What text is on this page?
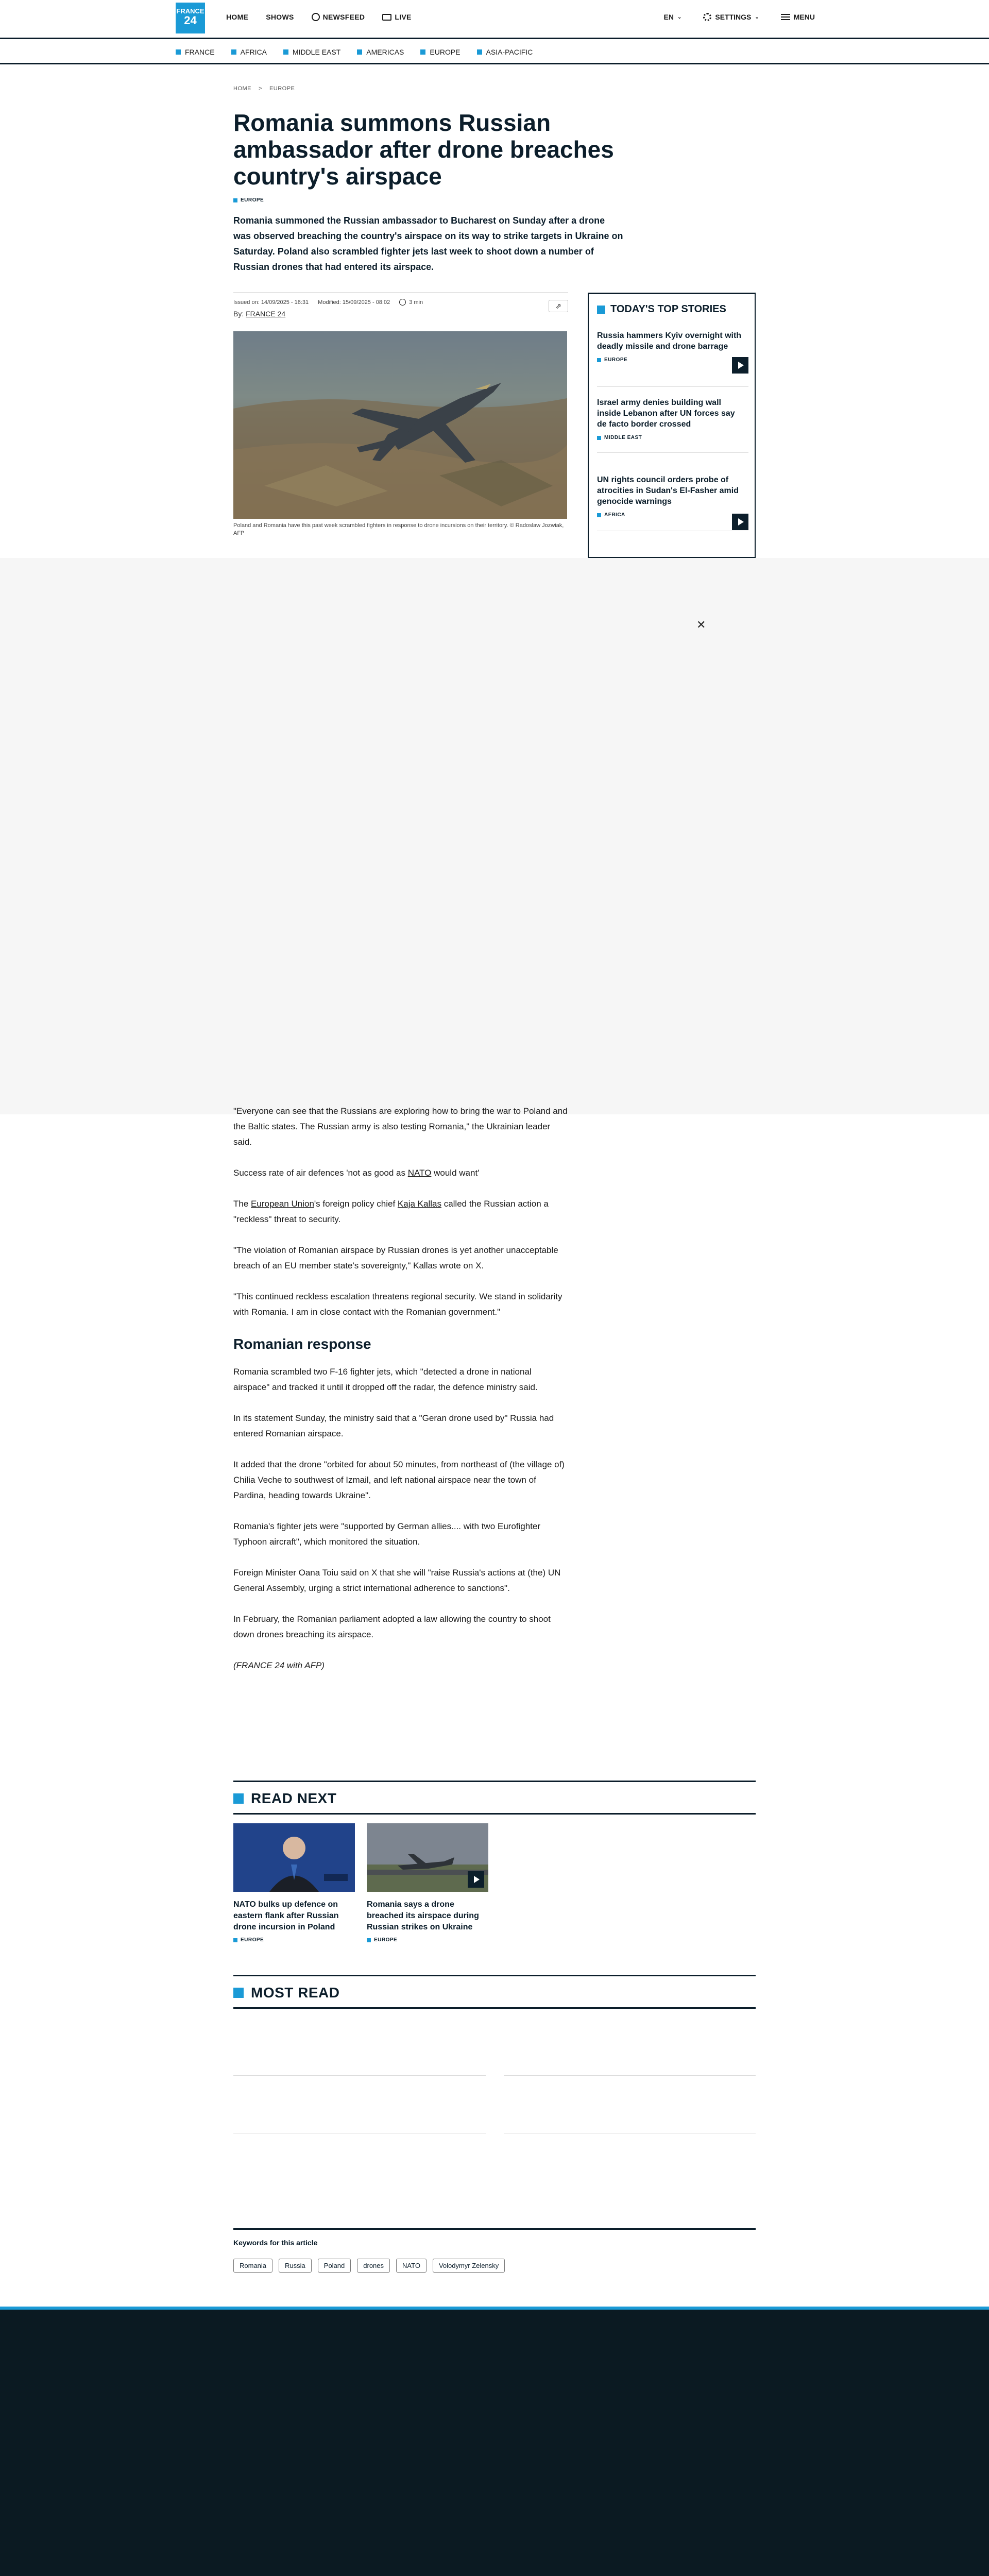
FRANCE
24	HOME SHOWS	NEWSFEED	LIVE	EN ⌄	SETTINGS ⌄	MENU
FRANCE	AFRICA	MIDDLE EAST	AMERICAS	EUROPE	ASIA-PACIFIC
HOME > EUROPE
Romania summons Russian ambassador after drone breaches country's airspace
EUROPE

Romania summoned the Russian ambassador to Bucharest on Sunday after a drone was observed breaching the country's airspace on its way to strike targets in Ukraine on Saturday. Poland also scrambled fighter jets last week to shoot down a number of Russian drones that had entered its airspace.

Issued on: 14/09/2025 - 16:31 Modified: 15/09/2025 - 08:02	3 min
By: FRANCE 24
⇗

Poland and Romania have this past week scrambled fighters in response to drone incursions on their territory. © Radoslaw Jozwiak, AFP

TODAY'S TOP STORIES
Russia hammers Kyiv overnight with deadly missile and drone barrage
EUROPE
Israel army denies building wall inside Lebanon after UN forces say de facto border crossed
MIDDLE EAST
UN rights council orders probe of atrocities in Sudan's El-Fasher amid genocide warnings
AFRICA
✕

"Everyone can see that the Russians are exploring how to bring the war to Poland and the Baltic states. The Russian army is also testing Romania," the Ukrainian leader said.

Success rate of air defences 'not as good as NATO would want'

The European Union's foreign policy chief Kaja Kallas called the Russian action a "reckless" threat to security.

"The violation of Romanian airspace by Russian drones is yet another unacceptable breach of an EU member state's sovereignty," Kallas wrote on X.

"This continued reckless escalation threatens regional security. We stand in solidarity with Romania. I am in close contact with the Romanian government."

Romanian response

Romania scrambled two F-16 fighter jets, which "detected a drone in national airspace" and tracked it until it dropped off the radar, the defence ministry said.

In its statement Sunday, the ministry said that a "Geran drone used by" Russia had entered Romanian airspace.

It added that the drone "orbited for about 50 minutes, from northeast of (the village of) Chilia Veche to southwest of Izmail, and left national airspace near the town of Pardina, heading towards Ukraine".

Romania's fighter jets were "supported by German allies.... with two Eurofighter Typhoon aircraft", which monitored the situation.

Foreign Minister Oana Toiu said on X that she will "raise Russia's actions at (the) UN General Assembly, urging a strict international adherence to sanctions".

In February, the Romanian parliament adopted a law allowing the country to shoot down drones breaching its airspace.

(FRANCE 24 with AFP)

READ NEXT
NATO bulks up defence on eastern flank after Russian drone incursion in Poland
EUROPE
Romania says a drone breached its airspace during Russian strikes on Ukraine
EUROPE
MOST READ
Keywords for this article
Romania	Russia	Poland	drones	NATO	Volodymyr Zelensky
